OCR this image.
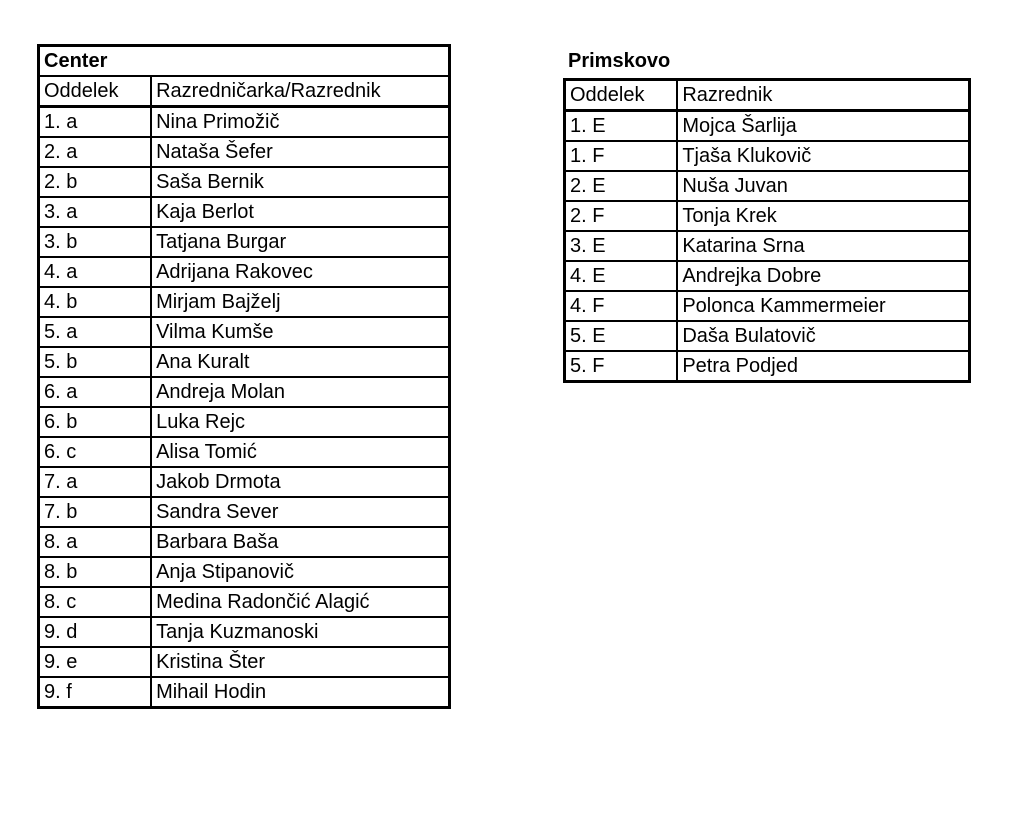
Center	
Oddelek	Razredničarka/Razrednik
1. a	Nina Primožič
2. a	Nataša Šefer
2. b	Saša Bernik
3. a	Kaja Berlot
3. b	Tatjana Burgar
4. a	Adrijana Rakovec
4. b	Mirjam Bajželj
5. a	Vilma Kumše
5. b	Ana Kuralt
6. a	Andreja Molan
6. b	Luka Rejc
6. c	Alisa Tomić
7. a	Jakob Drmota
7. b	Sandra Sever
8. a	Barbara Baša
8. b	Anja Stipanovič
8. c	Medina Radončić Alagić
9. d	Tanja Kuzmanoski
9. e	Kristina Šter
9. f	Mihail Hodin
Primskovo
Oddelek	Razrednik
1. E	Mojca Šarlija
1. F	Tjaša Klukovič
2. E	Nuša Juvan
2. F	Tonja Krek
3. E	Katarina Srna
4. E	Andrejka Dobre
4. F	Polonca Kammermeier
5. E	Daša Bulatovič
5. F	Petra Podjed
